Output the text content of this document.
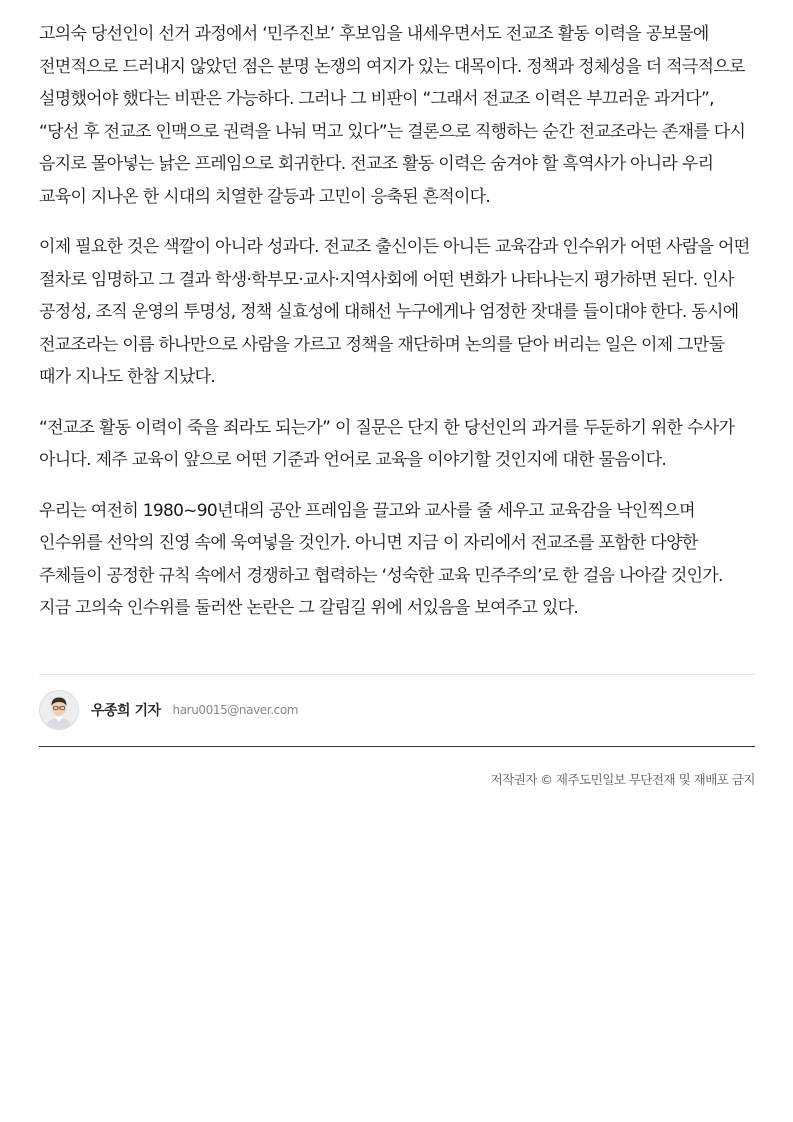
고의숙 당선인이 선거 과정에서 ‘민주진보’ 후보임을 내세우면서도 전교조 활동 이력을 공보물에 전면적으로 드러내지 않았던 점은 분명 논쟁의 여지가 있는 대목이다. 정책과 정체성을 더 적극적으로 설명했어야 했다는 비판은 가능하다. 그러나 그 비판이 “그래서 전교조 이력은 부끄러운 과거다”, “당선 후 전교조 인맥으로 권력을 나눠 먹고 있다”는 결론으로 직행하는 순간 전교조라는 존재를 다시 음지로 몰아넣는 낡은 프레임으로 회귀한다. 전교조 활동 이력은 숨겨야 할 흑역사가 아니라 우리 교육이 지나온 한 시대의 치열한 갈등과 고민이 응축된 흔적이다.

이제 필요한 것은 색깔이 아니라 성과다. 전교조 출신이든 아니든 교육감과 인수위가 어떤 사람을 어떤 절차로 임명하고 그 결과 학생·학부모·교사·지역사회에 어떤 변화가 나타나는지 평가하면 된다. 인사 공정성, 조직 운영의 투명성, 정책 실효성에 대해선 누구에게나 엄정한 잣대를 들이대야 한다. 동시에 전교조라는 이름 하나만으로 사람을 가르고 정책을 재단하며 논의를 닫아 버리는 일은 이제 그만둘 때가 지나도 한참 지났다.

“전교조 활동 이력이 죽을 죄라도 되는가” 이 질문은 단지 한 당선인의 과거를 두둔하기 위한 수사가 아니다. 제주 교육이 앞으로 어떤 기준과 언어로 교육을 이야기할 것인지에 대한 물음이다.

우리는 여전히 1980~90년대의 공안 프레임을 끌고와 교사를 줄 세우고 교육감을 낙인찍으며 인수위를 선악의 진영 속에 욱여넣을 것인가. 아니면 지금 이 자리에서 전교조를 포함한 다양한 주체들이 공정한 규칙 속에서 경쟁하고 협력하는 ‘성숙한 교육 민주주의’로 한 걸음 나아갈 것인가. 지금 고의숙 인수위를 둘러싼 논란은 그 갈림길 위에 서있음을 보여주고 있다.

우종희 기자 haru0015@naver.com
저작권자 © 제주도민일보 무단전재 및 재배포 금지
